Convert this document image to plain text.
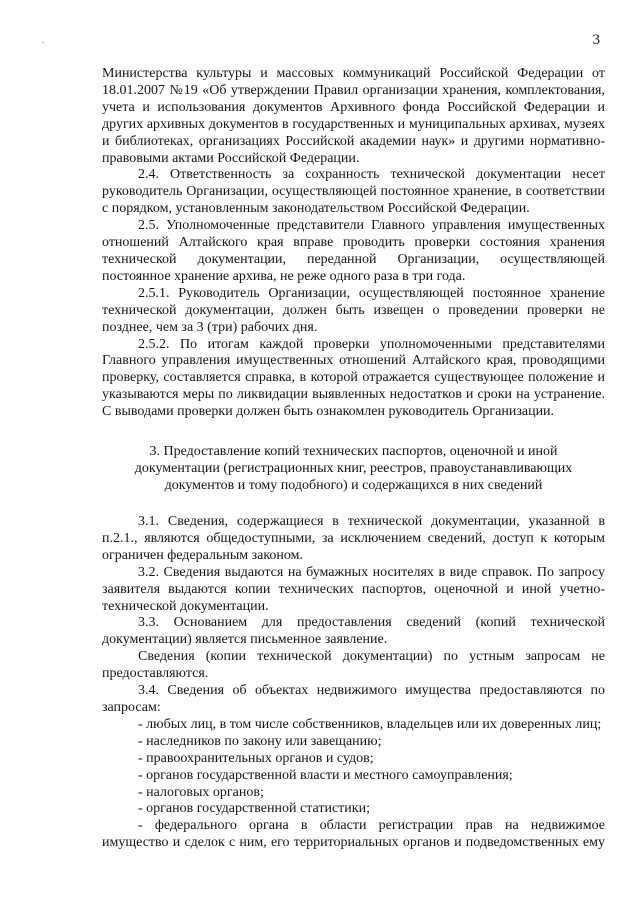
3

Министерства культуры и массовых коммуникаций Российской Федерации от 18.01.2007 №19 «Об утверждении Правил организации хранения, комплектования, учета и использования документов Архивного фонда Российской Федерации и других архивных документов в государственных и муниципальных архивах, музеях и библиотеках, организациях Российской академии наук» и другими нормативно-правовыми актами Российской Федерации.

2.4. Ответственность за сохранность технической документации несет руководитель Организации, осуществляющей постоянное хранение, в соответствии с порядком, установленным законодательством Российской Федерации.

2.5. Уполномоченные представители Главного управления имущественных отношений Алтайского края вправе проводить проверки состояния хранения технической документации, переданной Организации, осуществляющей постоянное хранение архива, не реже одного раза в три года.

2.5.1. Руководитель Организации, осуществляющей постоянное хранение технической документации, должен быть извещен о проведении проверки не позднее, чем за 3 (три) рабочих дня.

2.5.2. По итогам каждой проверки уполномоченными представителями Главного управления имущественных отношений Алтайского края, проводящими проверку, составляется справка, в которой отражается существующее положение и указываются меры по ликвидации выявленных недостатков и сроки на устранение. С выводами проверки должен быть ознакомлен руководитель Организации.

3. Предоставление копий технических паспортов, оценочной и иной документации (регистрационных книг, реестров, правоустанавливающих документов и тому подобного) и содержащихся в них сведений

3.1. Сведения, содержащиеся в технической документации, указанной в п.2.1., являются общедоступными, за исключением сведений, доступ к которым ограничен федеральным законом.

3.2. Сведения выдаются на бумажных носителях в виде справок. По запросу заявителя выдаются копии технических паспортов, оценочной и иной учетно-технической документации.

3.3. Основанием для предоставления сведений (копий технической документации) является письменное заявление.

Сведения (копии технической документации) по устным запросам не предоставляются.

3.4. Сведения об объектах недвижимого имущества предоставляются по запросам:

- любых лиц, в том числе собственников, владельцев или их доверенных лиц;

- наследников по закону или завещанию;

- правоохранительных органов и судов;

- органов государственной власти и местного самоуправления;

- налоговых органов;

- органов государственной статистики;

- федерального органа в области регистрации прав на недвижимое

имущество и сделок с ним, его территориальных органов и подведомственных ему
